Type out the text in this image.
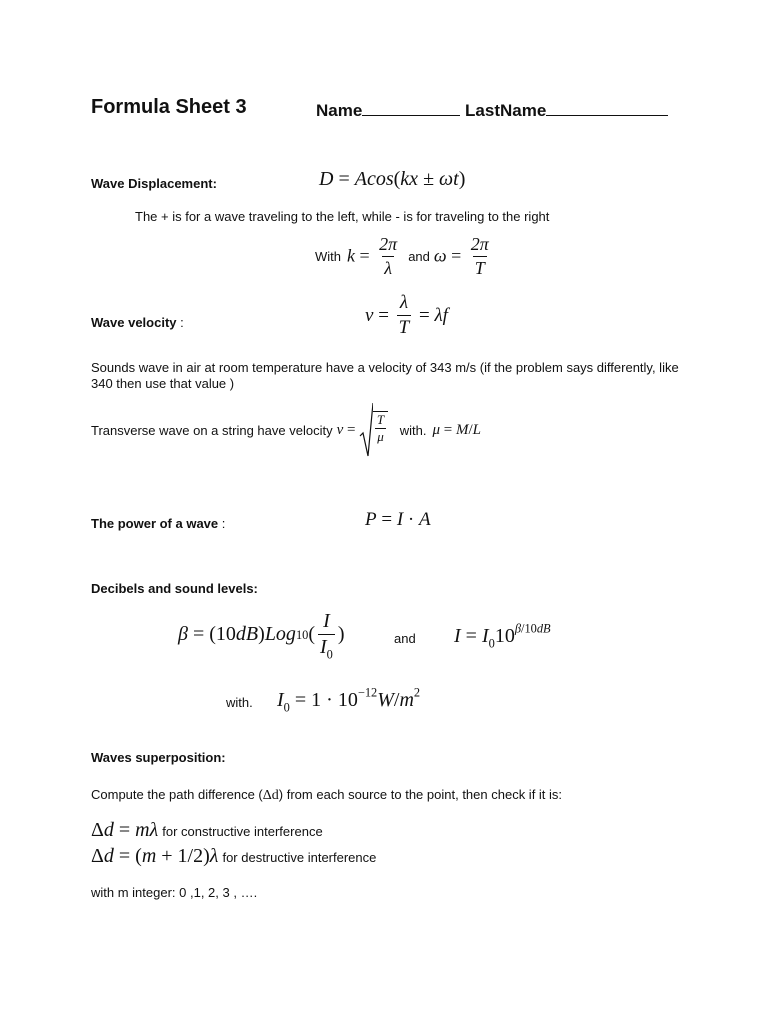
Formula Sheet 3	Name	LastName
Wave Displacement:	D = Acos(kx ± ωt)
The + is for a wave traveling to the left, while - is for traveling to the right
With $k = \frac{2\pi}{\lambda}$ and $\omega = \frac{2\pi}{T}$
Wave velocity :	$v = \frac{\lambda}{T} = \lambda f$
Sounds wave in air at room temperature have a velocity of 343 m/s (if the problem says differently, like 340 then use that value )
Transverse wave on a string have velocity v =
T
μ with. μ = M/L
The power of a wave :	P = I · A
Decibels and sound levels:
β = (10 dB ) Log 10 ( $\frac{I}{I_0}$ )	and $I = I_010^{\beta/10dB}$
with. $I_0 = 1 \cdot 10^{-12}W/m^2$
Waves superposition:
Compute the path difference (Δd) from each source to the point, then check if it is:
Δd = mλ for constructive interference
Δd = (m + 1/2)λ for destructive interference
with m integer: 0 ,1, 2, 3 , ….
